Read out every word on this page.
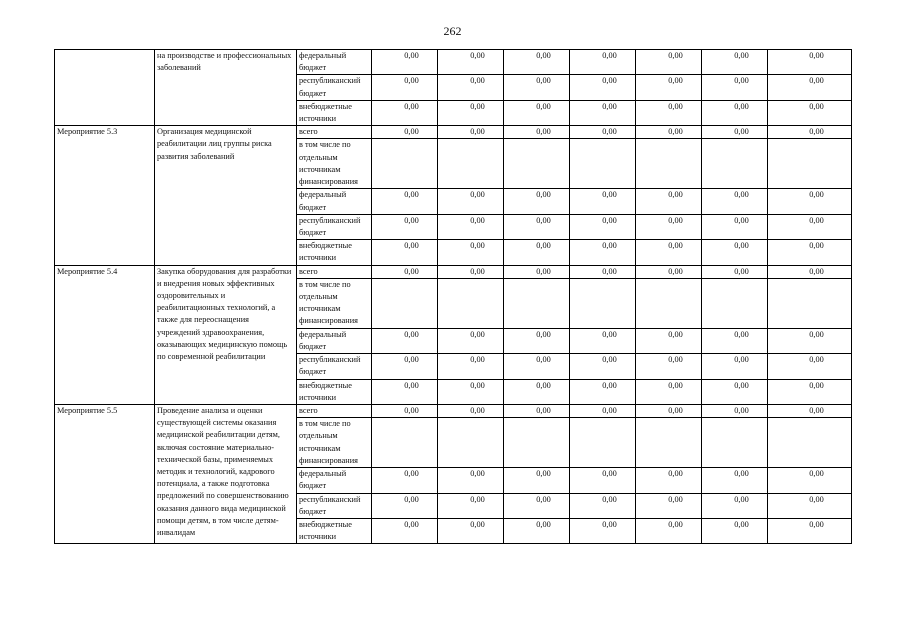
262
	на производстве и профессиональных заболеваний	федеральный бюджет	0,00	0,00	0,00	0,00	0,00	0,00	0,00
		республиканский бюджет	0,00	0,00	0,00	0,00	0,00	0,00	0,00
		внебюджетные источники	0,00	0,00	0,00	0,00	0,00	0,00	0,00
Мероприятие 5.3	Организация медицинской реабилитации лиц группы риска развития заболеваний	всего	0,00	0,00	0,00	0,00	0,00	0,00	0,00
		в том числе по отдельным источникам финансирования							
		федеральный бюджет	0,00	0,00	0,00	0,00	0,00	0,00	0,00
		республиканский бюджет	0,00	0,00	0,00	0,00	0,00	0,00	0,00
		внебюджетные источники	0,00	0,00	0,00	0,00	0,00	0,00	0,00
Мероприятие 5.4	Закупка оборудования для разработки и внедрения новых эффективных оздоровительных и реабилитационных технологий, а также для переоснащения учреждений здравоохранения, оказывающих медицинскую помощь по современной реабилитации	всего	0,00	0,00	0,00	0,00	0,00	0,00	0,00
		в том числе по отдельным источникам финансирования							
		федеральный бюджет	0,00	0,00	0,00	0,00	0,00	0,00	0,00
		республиканский бюджет	0,00	0,00	0,00	0,00	0,00	0,00	0,00
		внебюджетные источники	0,00	0,00	0,00	0,00	0,00	0,00	0,00
Мероприятие 5.5	Проведение анализа и оценки существующей системы оказания медицинской реабилитации детям, включая состояние материально-технической базы, применяемых методик и технологий, кадрового потенциала, а также подготовка предложений по совершенствованию оказания данного вида медицинской помощи детям, в том числе детям-инвалидам	всего	0,00	0,00	0,00	0,00	0,00	0,00	0,00
		в том числе по отдельным источникам финансирования							
		федеральный бюджет	0,00	0,00	0,00	0,00	0,00	0,00	0,00
		республиканский бюджет	0,00	0,00	0,00	0,00	0,00	0,00	0,00
		внебюджетные источники	0,00	0,00	0,00	0,00	0,00	0,00	0,00
